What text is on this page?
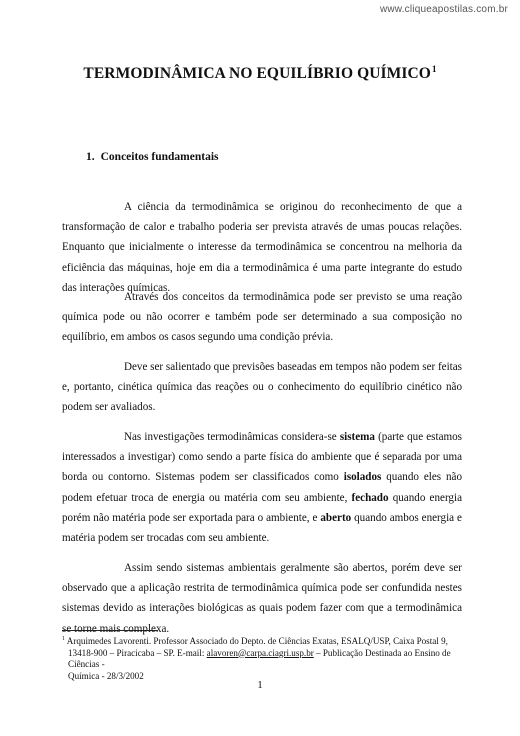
www.cliqueapostilas.com.br
TERMODINÂMICA NO EQUILÍBRIO QUÍMICO$^1$
1. Conceitos fundamentais

A ciência da termodinâmica se originou do reconhecimento de que a transformação de calor e trabalho poderia ser prevista através de umas poucas relações. Enquanto que inicialmente o interesse da termodinâmica se concentrou na melhoria da eficiência das máquinas, hoje em dia a termodinâmica é uma parte integrante do estudo das interações químicas.

Através dos conceitos da termodinâmica pode ser previsto se uma reação química pode ou não ocorrer e também pode ser determinado a sua composição no equilíbrio, em ambos os casos segundo uma condição prévia.

Deve ser salientado que previsões baseadas em tempos não podem ser feitas e, portanto, cinética química das reações ou o conhecimento do equilíbrio cinético não podem ser avaliados.

Nas investigações termodinâmicas considera-se sistema (parte que estamos interessados a investigar) como sendo a parte física do ambiente que é separada por uma borda ou contorno. Sistemas podem ser classificados como isolados quando eles não podem efetuar troca de energia ou matéria com seu ambiente, fechado quando energia porém não matéria pode ser exportada para o ambiente, e aberto quando ambos energia e matéria podem ser trocadas com seu ambiente.

Assim sendo sistemas ambientais geralmente são abertos, porém deve ser observado que a aplicação restrita de termodinâmica química pode ser confundida nestes sistemas devido as interações biológicas as quais podem fazer com que a termodinâmica se torne mais complexa.

$^1$ Arquimedes Lavorenti. Professor Associado do Depto. de Ciências Exatas, ESALQ/USP, Caixa Postal 9,
13418-900 – Piracicaba – SP. E-mail: alavoren@carpa.ciagri.usp.br – Publicação Destinada ao Ensino de Ciências -
Química - 28/3/2002
1
